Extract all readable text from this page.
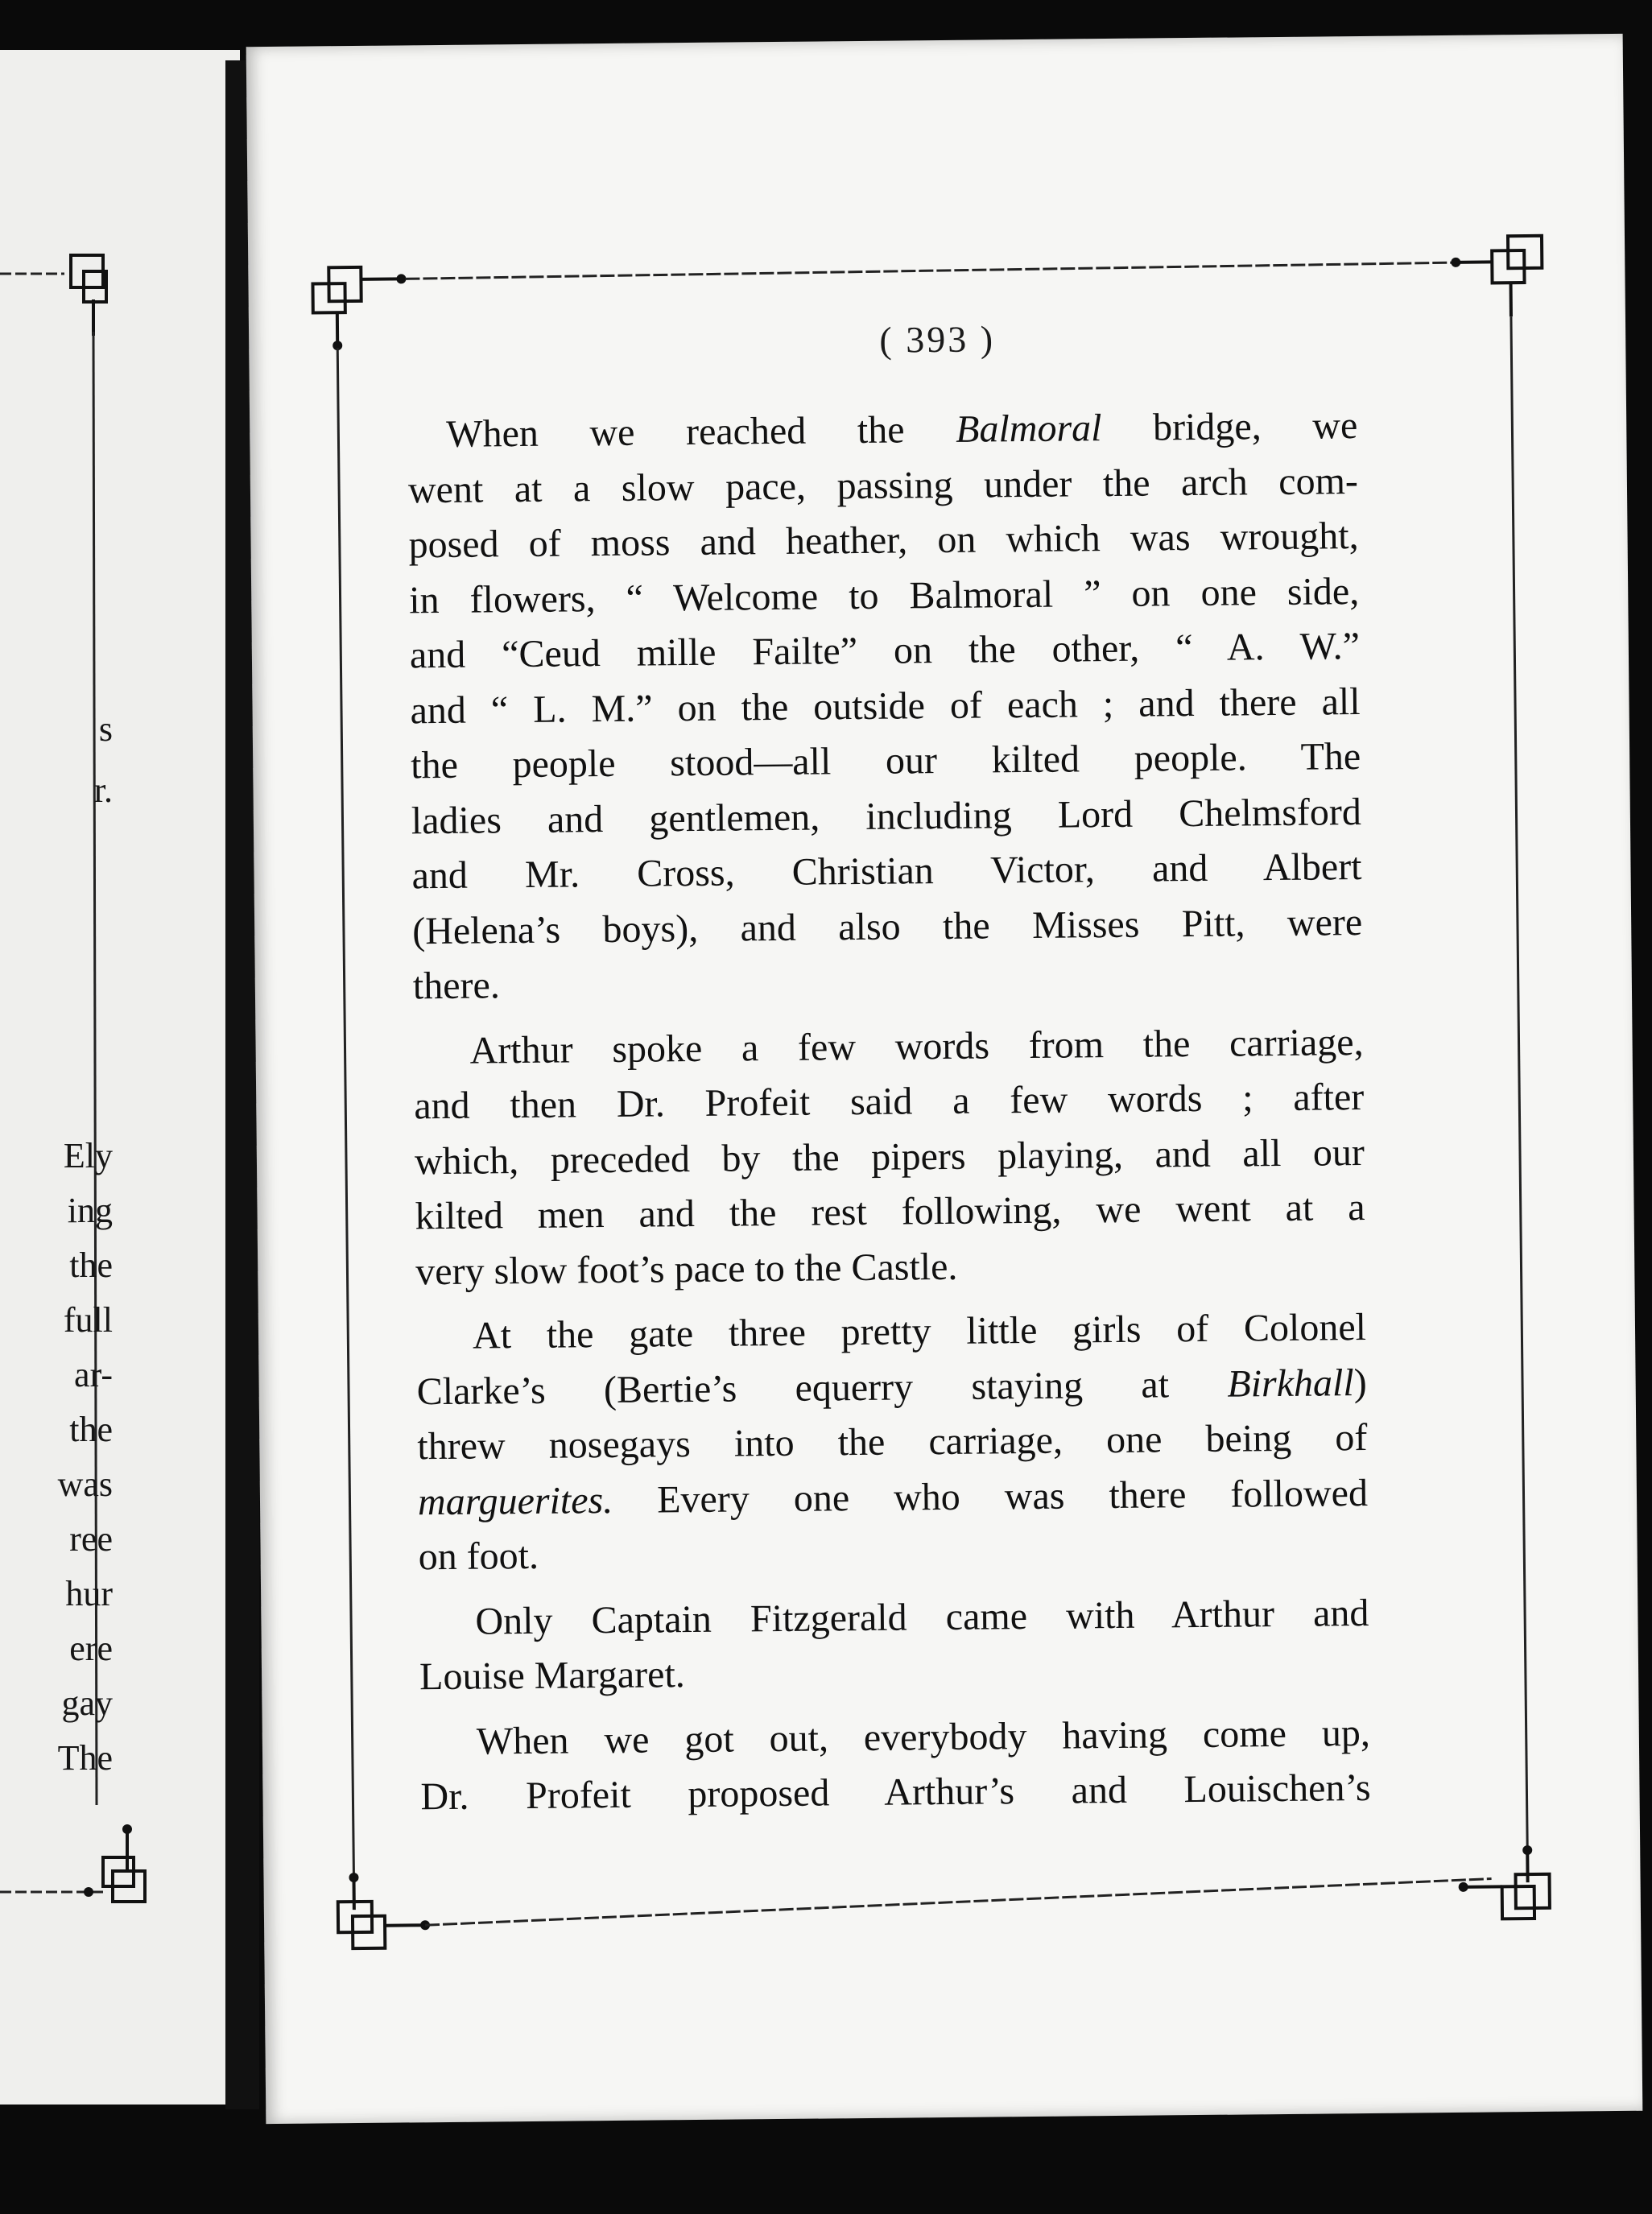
s
r.
Ely
ing
the
full
ar-
the
was
ree
hur
ere
gay
The
( 393 )

When we reached the Balmoral bridge, we
went at a slow pace, passing under the arch com-
posed of moss and heather, on which was wrought,
in flowers, “ Welcome to Balmoral ” on one side,
and “Ceud mille Failte” on the other, “ A. W.”
and “ L. M.” on the outside of each ; and there all
the people stood—all our kilted people. The
ladies and gentlemen, including Lord Chelmsford
and Mr. Cross, Christian Victor, and Albert
(Helena’s boys), and also the Misses Pitt, were
there.

Arthur spoke a few words from the carriage,
and then Dr. Profeit said a few words ; after
which, preceded by the pipers playing, and all our
kilted men and the rest following, we went at a
very slow foot’s pace to the Castle.

At the gate three pretty little girls of Colonel
Clarke’s (Bertie’s equerry staying at Birkhall)
threw nosegays into the carriage, one being of
marguerites. Every one who was there followed
on foot.

Only Captain Fitzgerald came with Arthur and
Louise Margaret.

When we got out, everybody having come up,
Dr. Profeit proposed Arthur’s and Louischen’s
